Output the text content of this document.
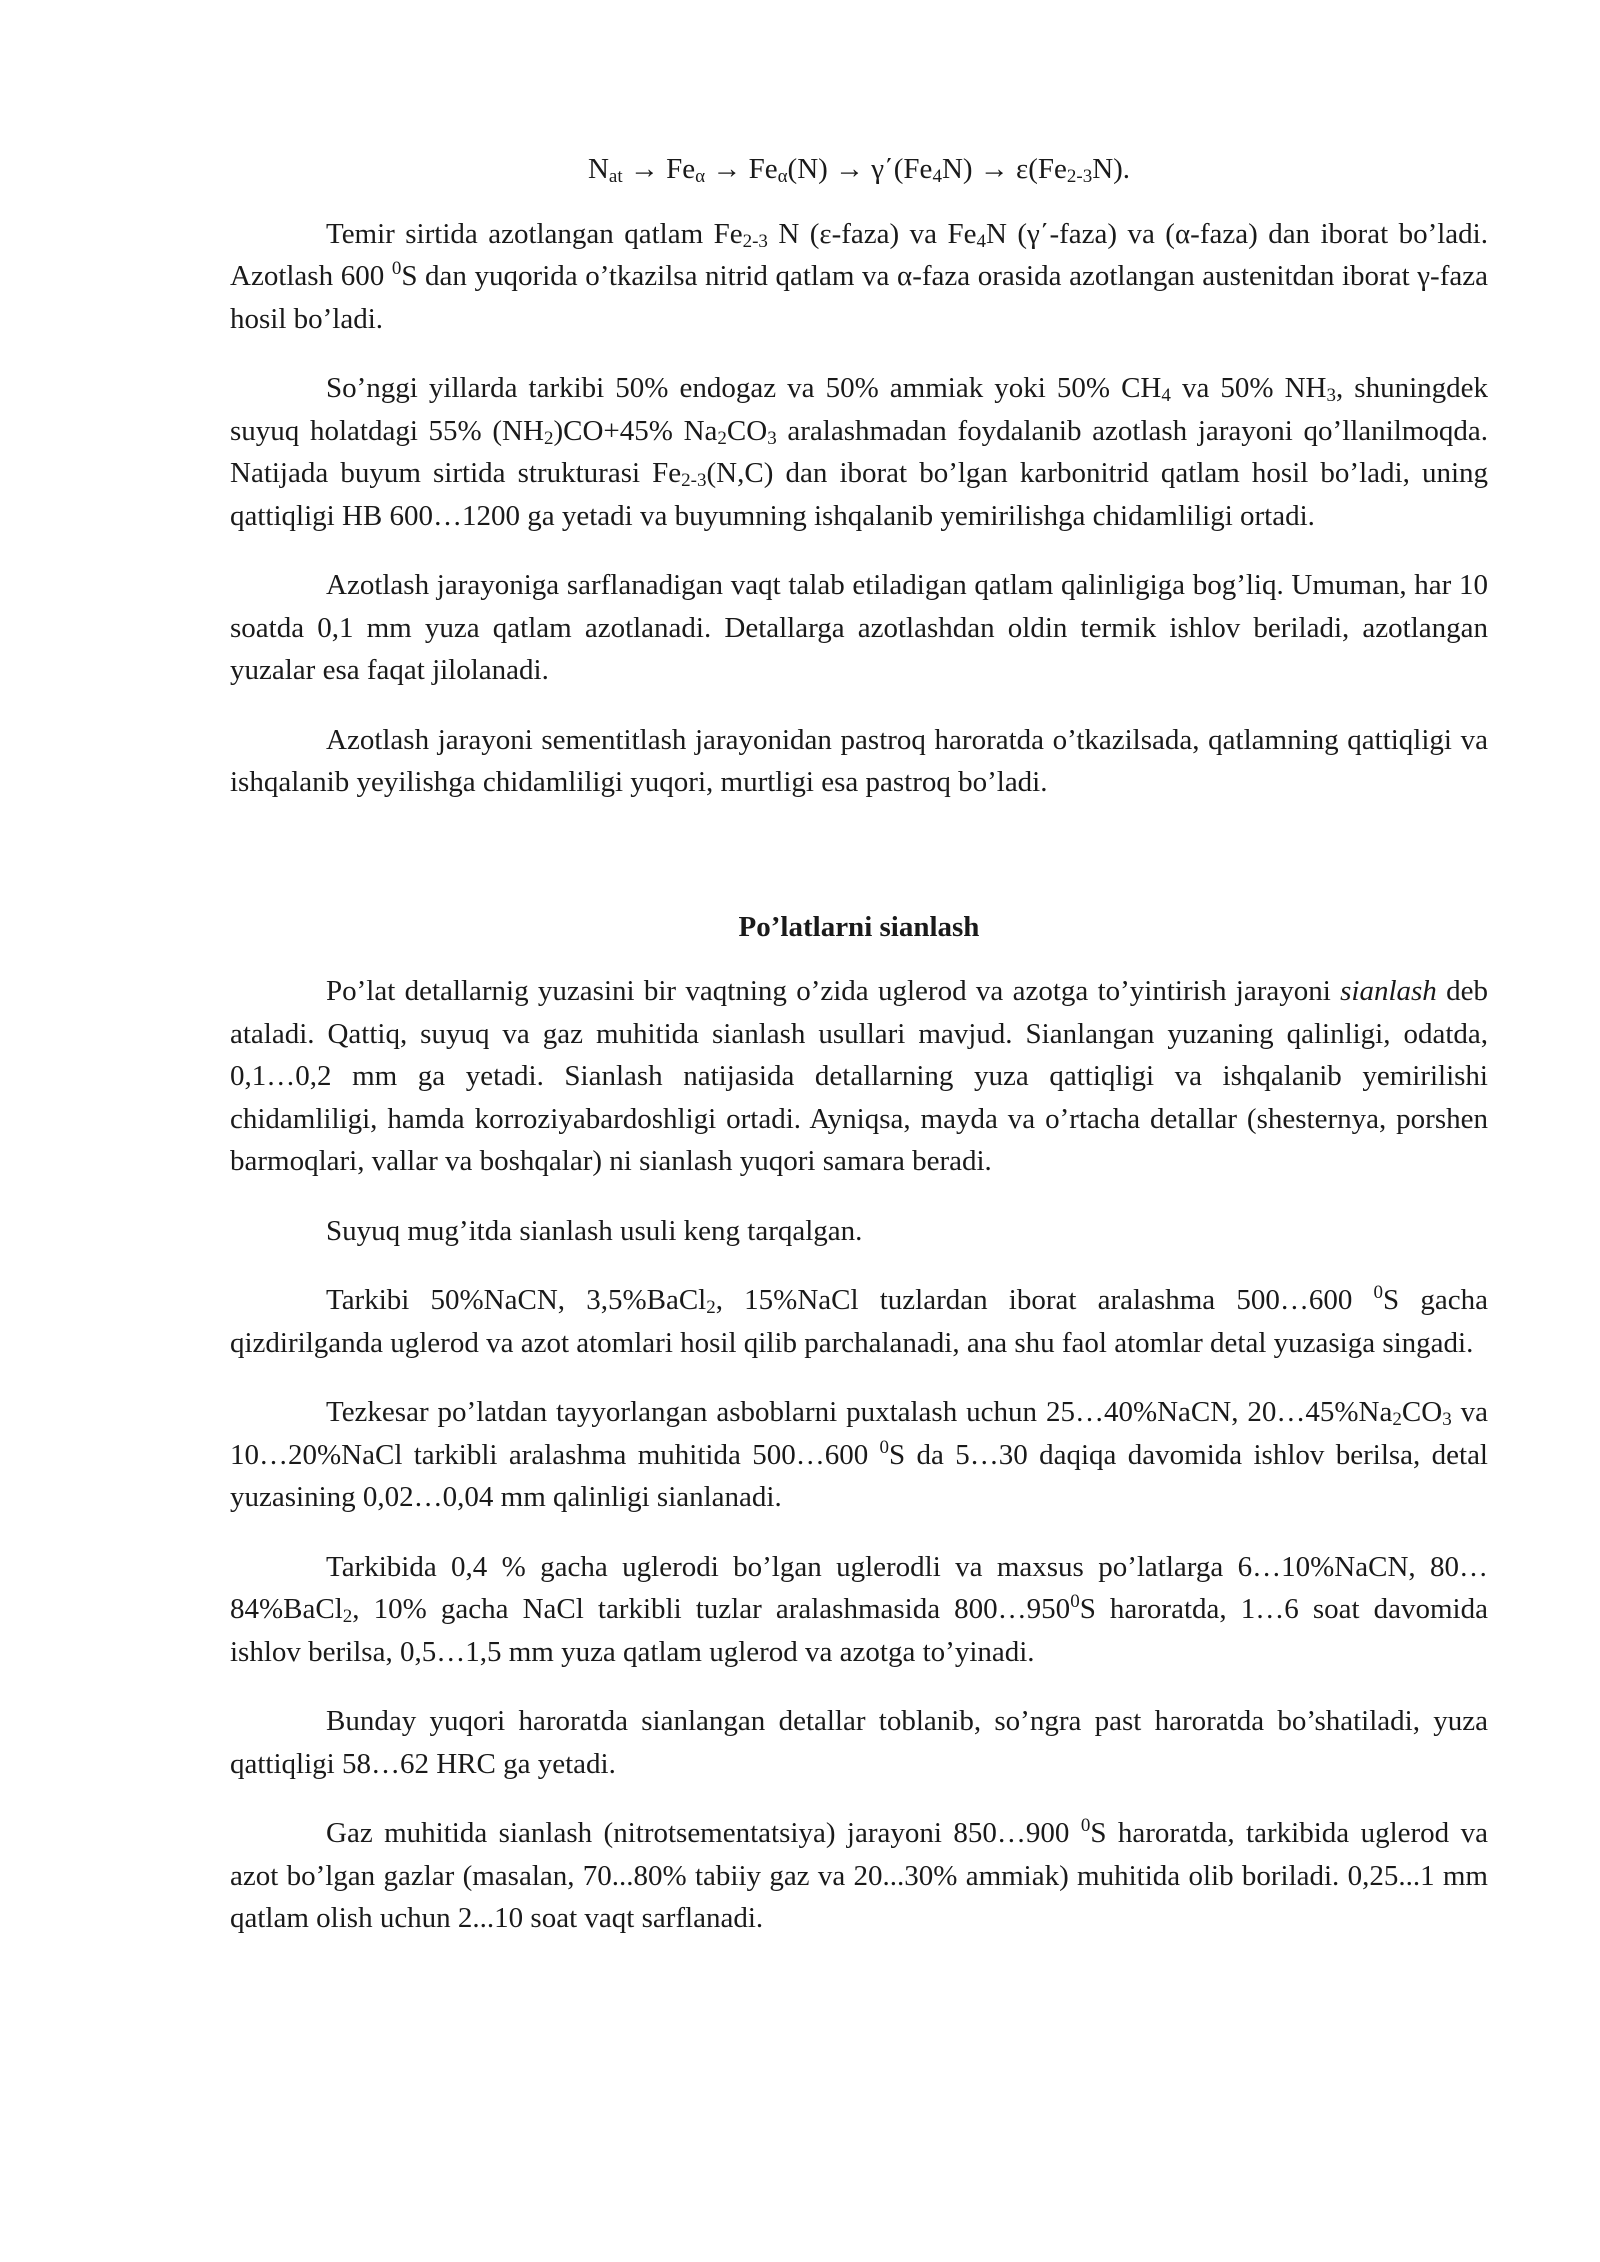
$N_{at} \to Fe_\alpha \to Fe_\alpha(N) \to \gamma΄(Fe_4N) \to \varepsilon(Fe_{2-3}N)$.

Temir sirtida azotlangan qatlam $Fe_{2-3}$ N (ε-faza) va $Fe_4N$ (γ΄-faza) va (α-faza) dan iborat bo’ladi. Azotlash 600 $^0$S dan yuqorida o’tkazilsa nitrid qatlam va α-faza orasida azotlangan austenitdan iborat γ-faza hosil bo’ladi.

So’nggi yillarda tarkibi 50% endogaz va 50% ammiak yoki 50% $CH_4$ va 50% $NH_3$, shuningdek suyuq holatdagi 55% $(NH_2)CO+45\%$ $Na_2CO_3$ aralashmadan foydalanib azotlash jarayoni qo’llanilmoqda. Natijada buyum sirtida strukturasi $Fe_{2-3}(N,C)$ dan iborat bo’lgan karbonitrid qatlam hosil bo’ladi, uning qattiqligi HB 600…1200 ga yetadi va buyumning ishqalanib yemirilishga chidamliligi ortadi.

Azotlash jarayoniga sarflanadigan vaqt talab etiladigan qatlam qalinligiga bog’liq. Umuman, har 10 soatda 0,1 mm yuza qatlam azotlanadi. Detallarga azotlashdan oldin termik ishlov beriladi, azotlangan yuzalar esa faqat jilolanadi.

Azotlash jarayoni sementitlash jarayonidan pastroq haroratda o’tkazilsada, qatlamning qattiqligi va ishqalanib yeyilishga chidamliligi yuqori, murtligi esa pastroq bo’ladi.

Po’latlarni sianlash

Po’lat detallarnig yuzasini bir vaqtning o’zida uglerod va azotga to’yintirish jarayoni sianlash deb ataladi. Qattiq, suyuq va gaz muhitida sianlash usullari mavjud. Sianlangan yuzaning qalinligi, odatda, 0,1…0,2 mm ga yetadi. Sianlash natijasida detallarning yuza qattiqligi va ishqalanib yemirilishi chidamliligi, hamda korroziyabardoshligi ortadi. Ayniqsa, mayda va o’rtacha detallar (shesternya, porshen barmoqlari, vallar va boshqalar) ni sianlash yuqori samara beradi.

Suyuq mug’itda sianlash usuli keng tarqalgan.

Tarkibi 50%NaCN, 3,5%BaCl$_2$, 15%NaCl tuzlardan iborat aralashma 500…600 $^0$S gacha qizdirilganda uglerod va azot atomlari hosil qilib parchalanadi, ana shu faol atomlar detal yuzasiga singadi.

Tezkesar po’latdan tayyorlangan asboblarni puxtalash uchun 25…40%NaCN, $20\dots 45\%Na_2CO_3$ va 10…20%NaCl tarkibli aralashma muhitida 500…600 $^0$S da 5…30 daqiqa davomida ishlov berilsa, detal yuzasining 0,02…0,04 mm qalinligi sianlanadi.

Tarkibida 0,4 % gacha uglerodi bo’lgan uglerodli va maxsus po’latlarga 6…10%NaCN, 80…84%BaCl$_2$, 10% gacha NaCl tarkibli tuzlar aralashmasida $800\dots 950^0S$ haroratda, 1…6 soat davomida ishlov berilsa, 0,5…1,5 mm yuza qatlam uglerod va azotga to’yinadi.

Bunday yuqori haroratda sianlangan detallar toblanib, so’ngra past haroratda bo’shatiladi, yuza qattiqligi 58…62 HRC ga yetadi.

Gaz muhitida sianlash (nitrotsementatsiya) jarayoni 850…900 $^0$S haroratda, tarkibida uglerod va azot bo’lgan gazlar (masalan, 70...80% tabiiy gaz va 20...30% ammiak) muhitida olib boriladi. 0,25...1 mm qatlam olish uchun 2...10 soat vaqt sarflanadi.
